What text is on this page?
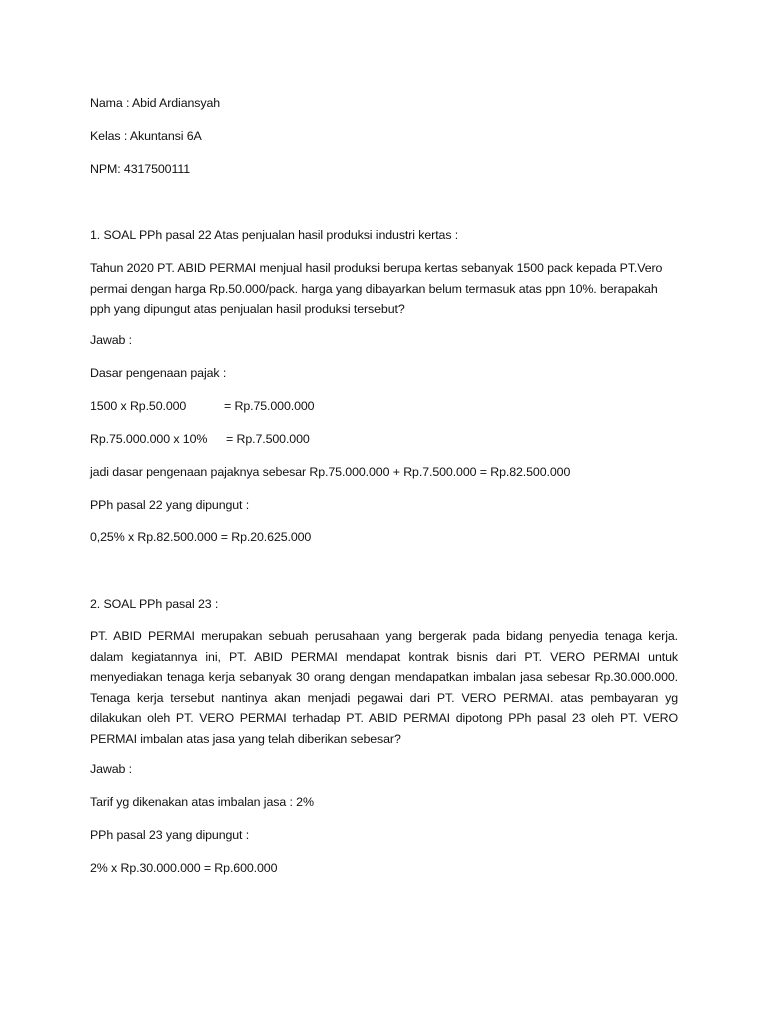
Nama : Abid Ardiansyah
Kelas : Akuntansi 6A
NPM: 4317500111
1. SOAL PPh pasal 22 Atas penjualan hasil produksi industri kertas :
Tahun 2020 PT. ABID PERMAI menjual hasil produksi berupa kertas sebanyak 1500 pack kepada PT.Vero permai dengan harga Rp.50.000/pack. harga yang dibayarkan belum termasuk atas ppn 10%. berapakah pph yang dipungut atas penjualan hasil produksi tersebut?
Jawab :
Dasar pengenaan pajak :
1500 x Rp.50.000	= Rp.75.000.000
Rp.75.000.000 x 10% = Rp.7.500.000
jadi dasar pengenaan pajaknya sebesar Rp.75.000.000 + Rp.7.500.000 = Rp.82.500.000
PPh pasal 22 yang dipungut :
0,25% x Rp.82.500.000 = Rp.20.625.000
2. SOAL PPh pasal 23 :
PT. ABID PERMAI merupakan sebuah perusahaan yang bergerak pada bidang penyedia tenaga kerja. dalam kegiatannya ini, PT. ABID PERMAI mendapat kontrak bisnis dari PT. VERO PERMAI untuk menyediakan tenaga kerja sebanyak 30 orang dengan mendapatkan imbalan jasa sebesar Rp.30.000.000. Tenaga kerja tersebut nantinya akan menjadi pegawai dari PT. VERO PERMAI. atas pembayaran yg dilakukan oleh PT. VERO PERMAI terhadap PT. ABID PERMAI dipotong PPh pasal 23 oleh PT. VERO PERMAI imbalan atas jasa yang telah diberikan sebesar?
Jawab :
Tarif yg dikenakan atas imbalan jasa : 2%
PPh pasal 23 yang dipungut :
2% x Rp.30.000.000 = Rp.600.000
